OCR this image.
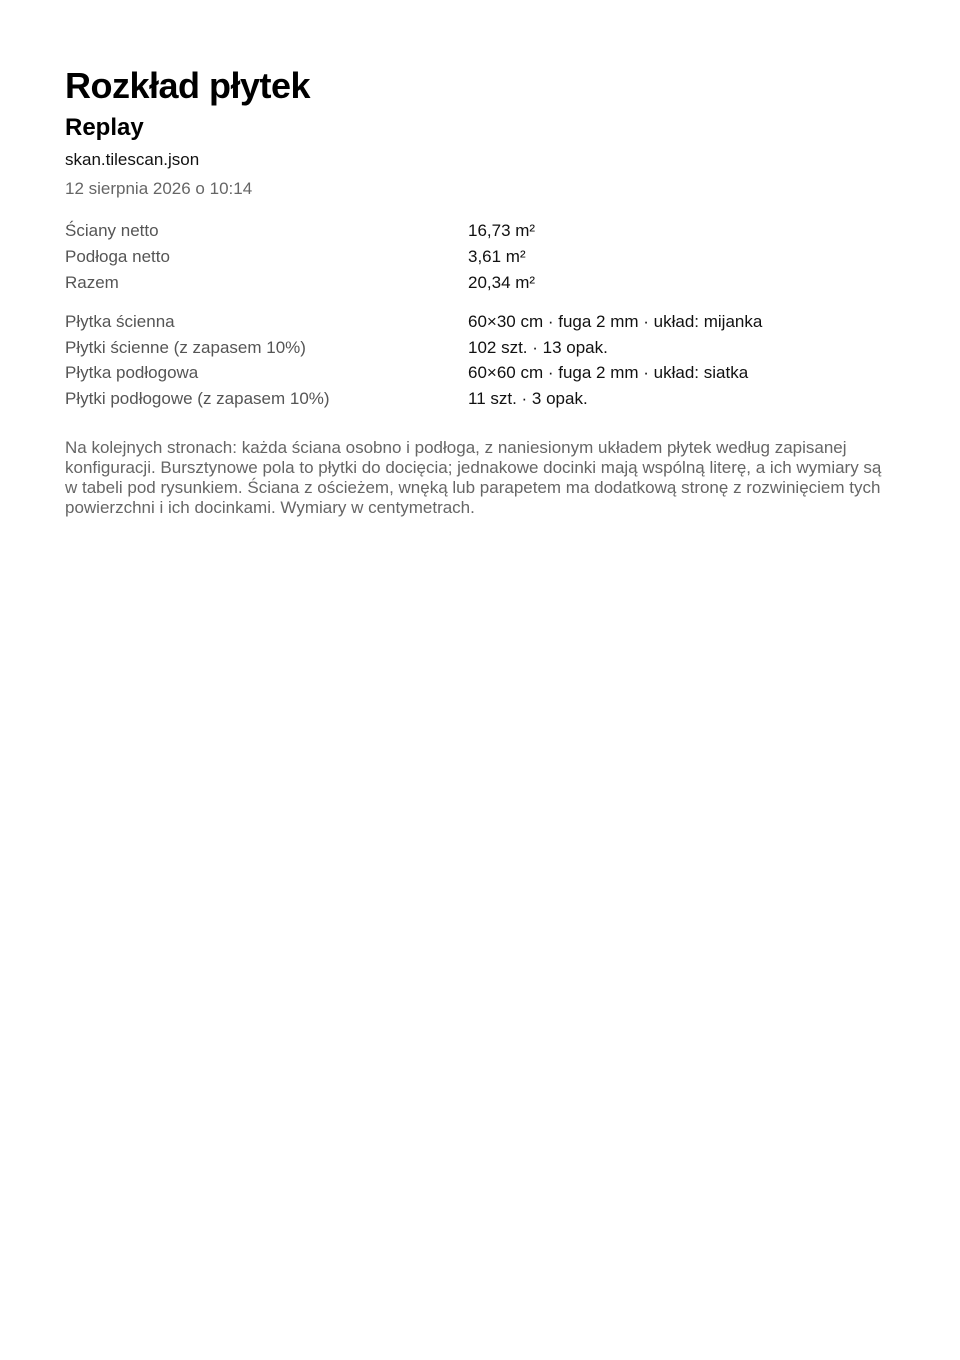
Rozkład płytek
Replay
skan.tilescan.json
12 sierpnia 2026 o 10:14
Ściany netto	16,73 m²
Podłoga netto	3,61 m²
Razem	20,34 m²
Płytka ścienna	60×30 cm · fuga 2 mm · układ: mijanka
Płytki ścienne (z zapasem 10%)	102 szt. · 13 opak.
Płytka podłogowa	60×60 cm · fuga 2 mm · układ: siatka
Płytki podłogowe (z zapasem 10%)	11 szt. · 3 opak.

Na kolejnych stronach: każda ściana osobno i podłoga, z naniesionym układem płytek według zapisanej konfiguracji. Bursztynowe pola to płytki do docięcia; jednakowe docinki mają wspólną literę, a ich wymiary są w tabeli pod rysunkiem. Ściana z ościeżem, wnęką lub parapetem ma dodatkową stronę z rozwinięciem tych powierzchni i ich docinkami. Wymiary w centymetrach.
